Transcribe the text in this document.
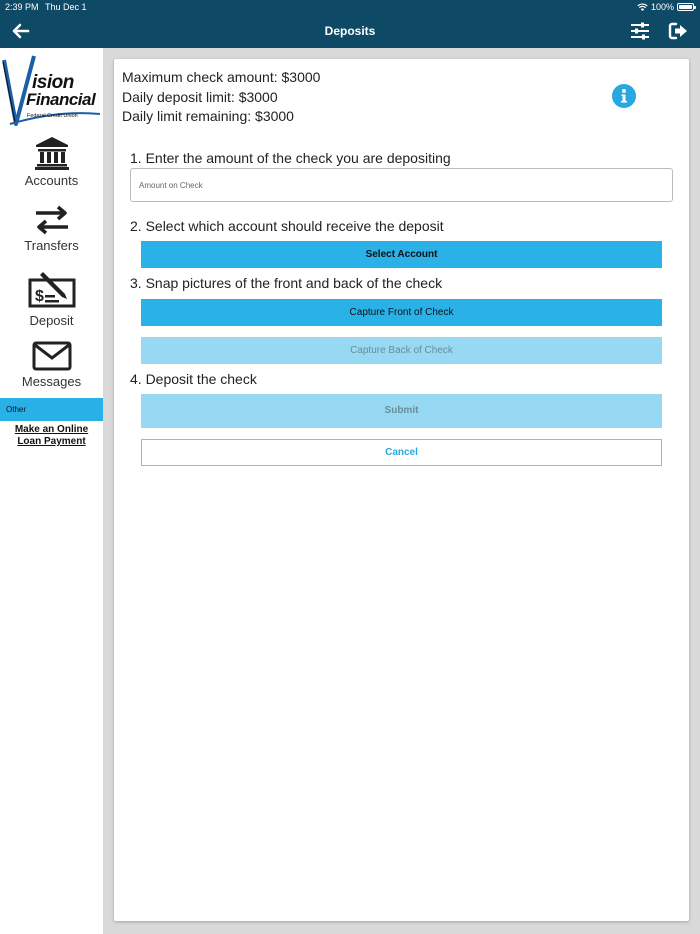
2:39 PM Thu Dec 1	100%
Deposits
ision
Financial
Federal Credit Union
Accounts
Transfers
$
Deposit
Messages
Other
Make an Online
Loan Payment
Maximum check amount: $3000
Daily deposit limit: $3000
Daily limit remaining: $3000
1. Enter the amount of the check you are depositing
Amount on Check
2. Select which account should receive the deposit
Select Account
3. Snap pictures of the front and back of the check
Capture Front of Check
Capture Back of Check
4. Deposit the check
Submit
Cancel
